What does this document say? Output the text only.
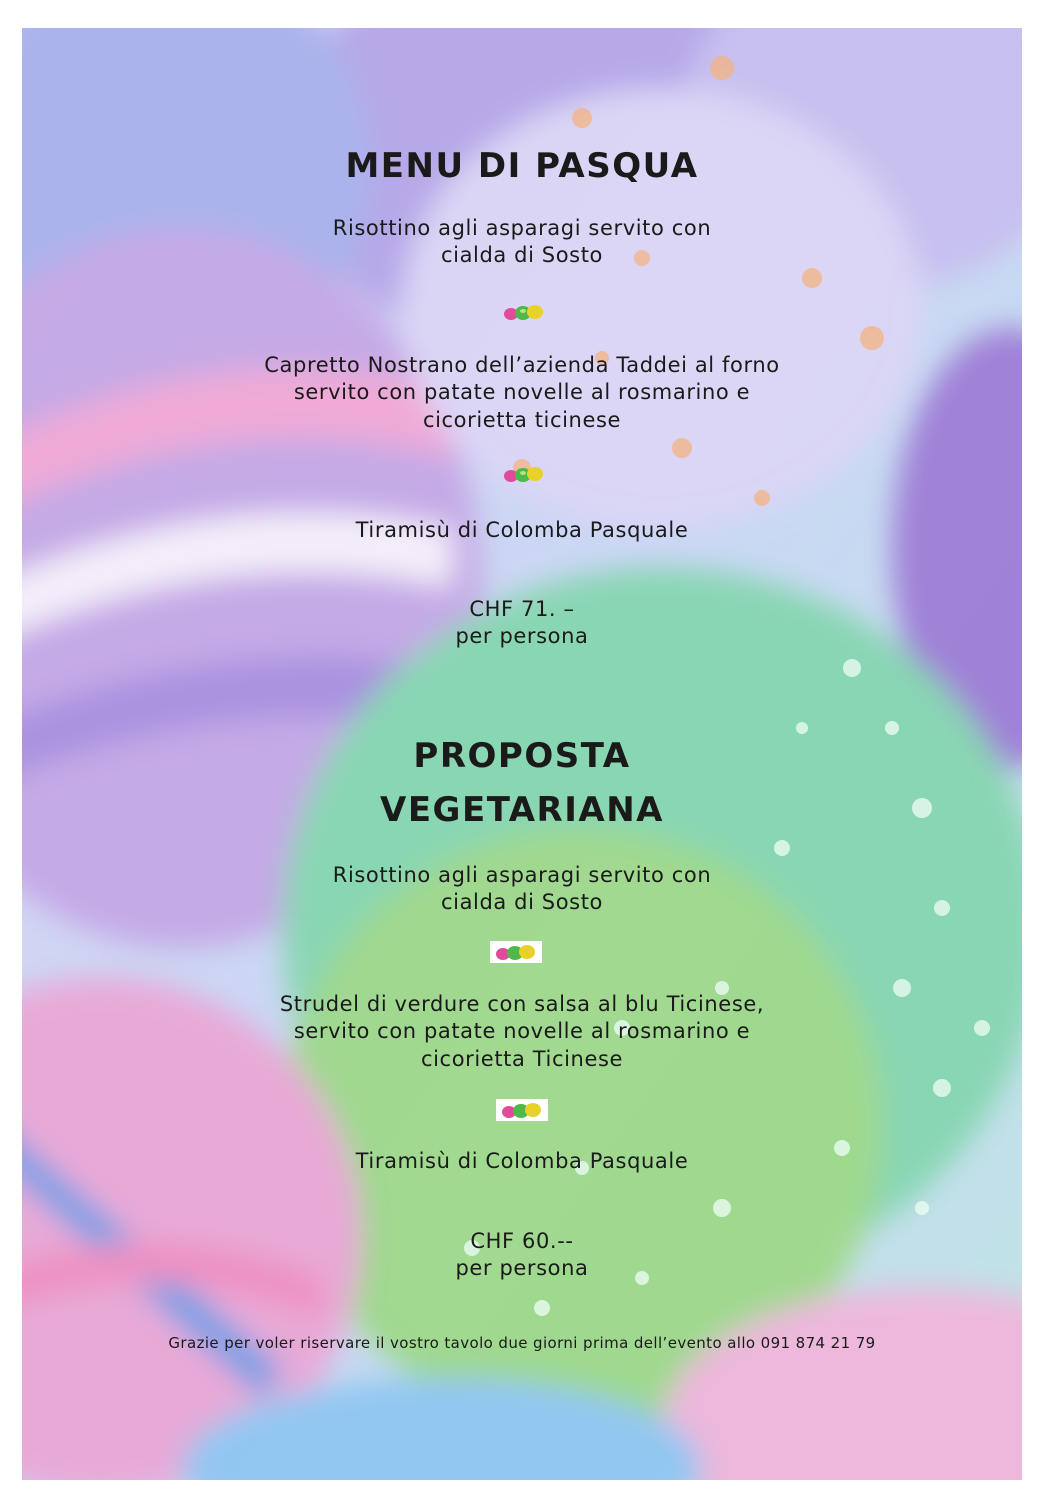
MENU DI PASQUA
Risottino agli asparagi servito con
cialda di Sosto
Capretto Nostrano dell’azienda Taddei al forno
servito con patate novelle al rosmarino e
cicorietta ticinese
Tiramisù di Colomba Pasquale
CHF 71. –
per persona
PROPOSTA
VEGETARIANA
Risottino agli asparagi servito con
cialda di Sosto
Strudel di verdure con salsa al blu Ticinese,
servito con patate novelle al rosmarino e
cicorietta Ticinese
Tiramisù di Colomba Pasquale
CHF 60.--
per persona
Grazie per voler riservare il vostro tavolo due giorni prima dell’evento allo 091 874 21 79
